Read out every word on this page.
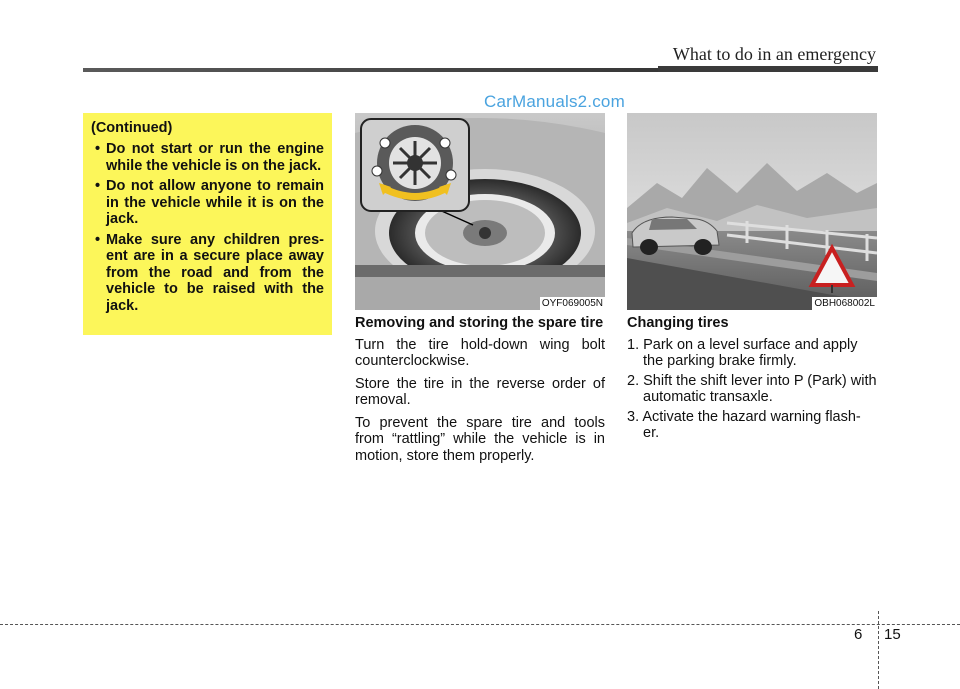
What to do in an emergency
CarManuals2.com
(Continued)
• Do not start or run the engine while the vehicle is on the jack.
• Do not allow anyone to remain in the vehicle while it is on the jack.
• Make sure any children pres- ent are in a secure place away from the road and from the vehicle to be raised with the jack.	OYF069005N	OBH068002L
Removing and storing the spare tire

Turn the tire hold-down wing bolt counterclockwise.

Store the tire in the reverse order of removal.

To prevent the spare tire and tools from “rattling” while the vehicle is in motion, store them properly.

Changing tires
1. Park on a level surface and apply the parking brake firmly.
2. Shift the shift lever into P (Park) with automatic transaxle.
3. Activate the hazard warning flash- er.
6 15
